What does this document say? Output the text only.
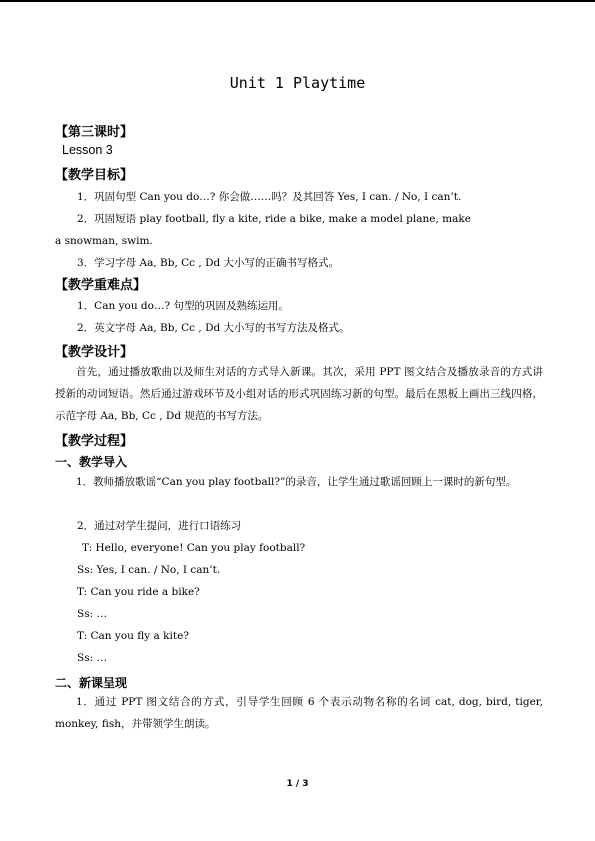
Unit 1 Playtime
【第三课时】
Lesson 3
【教学目标】
1．巩固句型 Can you do…? 你会做……吗？及其回答 Yes, I can. / No, I can’t.
2．巩固短语 play football, fly a kite, ride a bike, make a model plane, make
a snowman, swim.
3．学习字母 Aa, Bb, Cc , Dd 大小写的正确书写格式。
【教学重难点】
1．Can you do…? 句型的巩固及熟练运用。
2．英文字母 Aa, Bb, Cc , Dd 大小写的书写方法及格式。
【教学设计】
首先，通过播放歌曲以及师生对话的方式导入新课。其次，采用 PPT 图文结合及播放录音的方式讲授新的动词短语。然后通过游戏环节及小组对话的形式巩固练习新的句型。最后在黑板上画出三线四格，示范字母 Aa, Bb, Cc , Dd 规范的书写方法。
【教学过程】
一、教学导入
1．教师播放歌谣“Can you play football?”的录音，让学生通过歌谣回顾上一课时的新句型。
2．通过对学生提问，进行口语练习
T: Hello, everyone! Can you play football?
Ss: Yes, I can. / No, I can’t.
T: Can you ride a bike?
Ss: …
T: Can you fly a kite?
Ss: …
二、新课呈现
1．通过 PPT 图文结合的方式，引导学生回顾 6 个表示动物名称的名词 cat, dog, bird, tiger, monkey, fish，并带领学生朗读。
1 / 3
